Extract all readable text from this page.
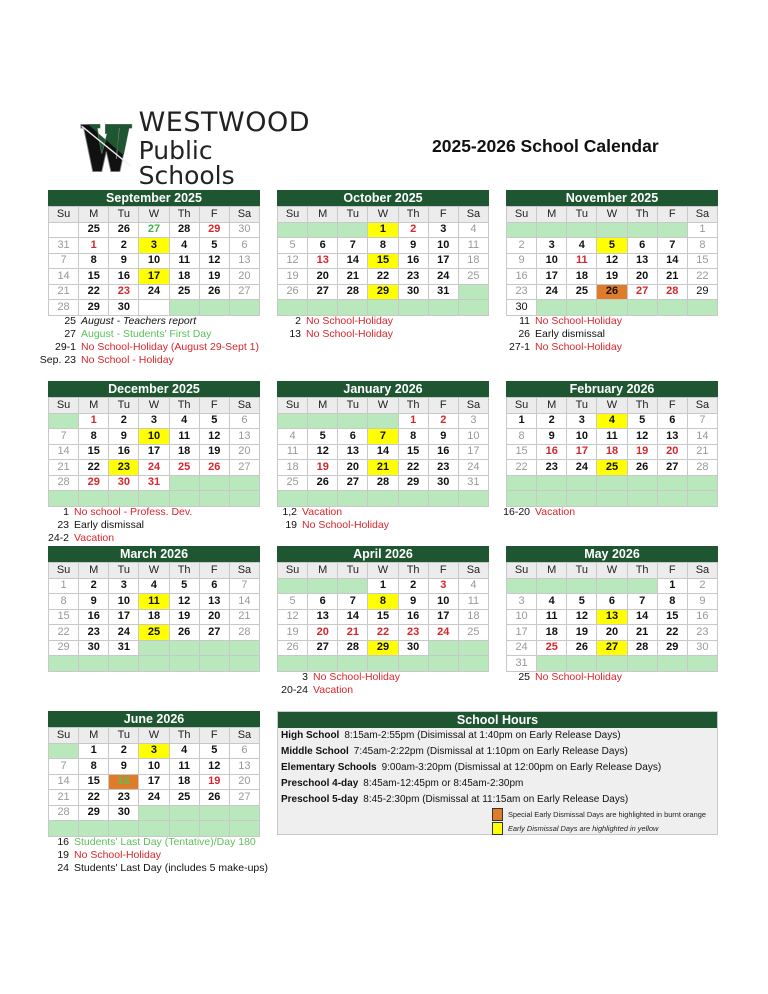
WESTWOOD
Public Schools
2025-2026 School Calendar
September 2025
Su	M	Tu	W	Th	F	Sa
	25	26	27	28	29	30
31	1	2	3	4	5	6
7	8	9	10	11	12	13
14	15	16	17	18	19	20
21	22	23	24	25	26	27
28	29	30				
25 August - Teachers report
27 August - Students' First Day
29-1 No School-Holiday (August 29-Sept 1)
Sep. 23 No School - Holiday
October 2025
Su	M	Tu	W	Th	F	Sa
			1	2	3	4
5	6	7	8	9	10	11
12	13	14	15	16	17	18
19	20	21	22	23	24	25
26	27	28	29	30	31	

2 No School-Holiday
13 No School-Holiday
November 2025
Su	M	Tu	W	Th	F	Sa
						1
2	3	4	5	6	7	8
9	10	11	12	13	14	15
16	17	18	19	20	21	22
23	24	25	26	27	28	29
30						
11 No School-Holiday
26 Early dismissal
27-1 No School-Holiday
December 2025
Su	M	Tu	W	Th	F	Sa
	1	2	3	4	5	6
7	8	9	10	11	12	13
14	15	16	17	18	19	20
21	22	23	24	25	26	27
28	29	30	31			

1 No school - Profess. Dev.
23 Early dismissal
24-2 Vacation
January 2026
Su	M	Tu	W	Th	F	Sa
				1	2	3
4	5	6	7	8	9	10
11	12	13	14	15	16	17
18	19	20	21	22	23	24
25	26	27	28	29	30	31

1,2 Vacation
19 No School-Holiday
February 2026
Su	M	Tu	W	Th	F	Sa
1	2	3	4	5	6	7
8	9	10	11	12	13	14
15	16	17	18	19	20	21
22	23	24	25	26	27	28

16-20 Vacation
March 2026
Su	M	Tu	W	Th	F	Sa
1	2	3	4	5	6	7
8	9	10	11	12	13	14
15	16	17	18	19	20	21
22	23	24	25	26	27	28
29	30	31				

April 2026
Su	M	Tu	W	Th	F	Sa
			1	2	3	4
5	6	7	8	9	10	11
12	13	14	15	16	17	18
19	20	21	22	23	24	25
26	27	28	29	30		

3 No School-Holiday
20-24 Vacation
May 2026
Su	M	Tu	W	Th	F	Sa
					1	2
3	4	5	6	7	8	9
10	11	12	13	14	15	16
17	18	19	20	21	22	23
24	25	26	27	28	29	30
31						
25 No School-Holiday
June 2026
Su	M	Tu	W	Th	F	Sa
	1	2	3	4	5	6
7	8	9	10	11	12	13
14	15	16	17	18	19	20
21	22	23	24	25	26	27
28	29	30				

16 Students' Last Day (Tentative)/Day 180
19 No School-Holiday
24 Students' Last Day (includes 5 make-ups)
School Hours
High School 8:15am-2:55pm (Disimissal at 1:40pm on Early Release Days)
Middle School 7:45am-2:22pm (Dismissal at 1:10pm on Early Release Days)
Elementary Schools 9:00am-3:20pm (Dismissal at 12:00pm on Early Release Days)
Preschool 4-day 8:45am-12:45pm or 8:45am-2:30pm
Preschool 5-day 8:45-2:30pm (Dismissal at 11:15am on Early Release Days)
Special Early Dismissal Days are highlighted in burnt orange
Early Dismissal Days are highlighted in yellow
